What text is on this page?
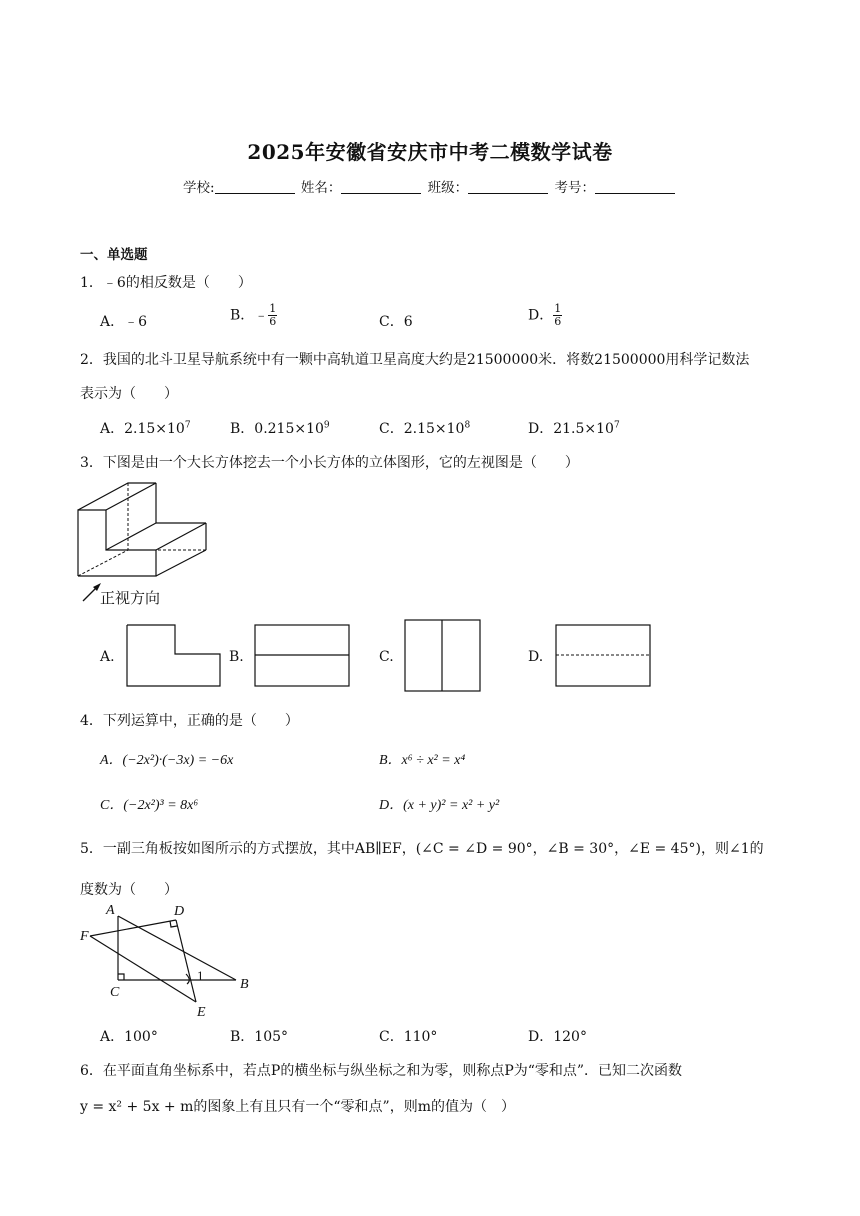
2025年安徽省安庆市中考二模数学试卷
学校:	姓名：	班级：	考号：
一、单选题
1．﹣6的相反数是（　　）
A．﹣6	B．﹣ $\frac{1}{6}$	C．6	D． $\frac{1}{6}$
2．我国的北斗卫星导航系统中有一颗中高轨道卫星高度大约是21500000米．将数21500000用科学记数法
表示为（　　）
A．$2.15\times 10^7$	B．$0.215\times 10^9$	C．$2.15\times 10^8$	D．$21.5\times 10^7$
3．下图是由一个大长方体挖去一个小长方体的立体图形，它的左视图是（　　）
正视方向
A.	B.	C.	D.
4．下列运算中，正确的是（　　）
A．(−2x²)·(−3x) = −6x	B．x⁶ ÷ x² = x⁴
C．(−2x²)³ = 8x⁶	D．(x + y)² = x² + y²
5．一副三角板按如图所示的方式摆放，其中AB∥EF，(∠C = ∠D = 90°，∠B = 30°，∠E = 45°)，则∠1的
度数为（　　）
A	D
F
B
C
E
1
A．100°	B．105°	C．110°	D．120°
6．在平面直角坐标系中，若点P的横坐标与纵坐标之和为零，则称点P为“零和点”．已知二次函数
y = x² + 5x + m的图象上有且只有一个“零和点”，则m的值为（　）
